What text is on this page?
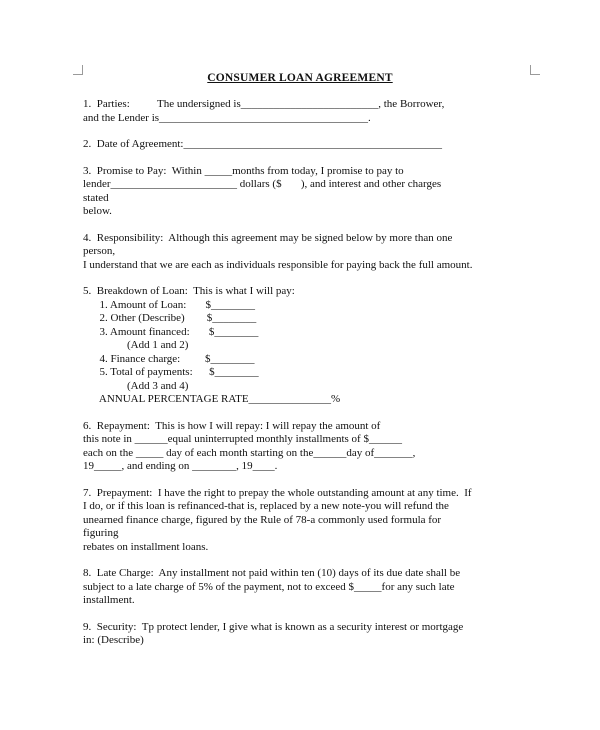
CONSUMER LOAN AGREEMENT
1.  Parties:          The undersigned is_________________________, the Borrower,
and the Lender is______________________________________.
2.  Date of Agreement:_______________________________________________
3.  Promise to Pay:  Within _____months from today, I promise to pay to
lender_______________________ dollars ($       ), and interest and other charges
stated
below.
4.  Responsibility:  Although this agreement may be signed below by more than one
person,
I understand that we are each as individuals responsible for paying back the full amount.
5.  Breakdown of Loan:  This is what I will pay:
1. Amount of Loan:       $________
2. Other (Describe)        $________
3. Amount financed:       $________
(Add 1 and 2)
4. Finance charge:         $________
5. Total of payments:      $________
(Add 3 and 4)
ANNUAL PERCENTAGE RATE_______________%
6.  Repayment:  This is how I will repay: I will repay the amount of
this note in ______equal uninterrupted monthly installments of $______
each on the _____ day of each month starting on the______day of_______,
19_____, and ending on ________, 19____.
7.  Prepayment:  I have the right to prepay the whole outstanding amount at any time.  If
I do, or if this loan is refinanced-that is, replaced by a new note-you will refund the
unearned finance charge, figured by the Rule of 78-a commonly used formula for
figuring
rebates on installment loans.
8.  Late Charge:  Any installment not paid within ten (10) days of its due date shall be
subject to a late charge of 5% of the payment, not to exceed $_____for any such late
installment.
9.  Security:  Tp protect lender, I give what is known as a security interest or mortgage
in: (Describe)
